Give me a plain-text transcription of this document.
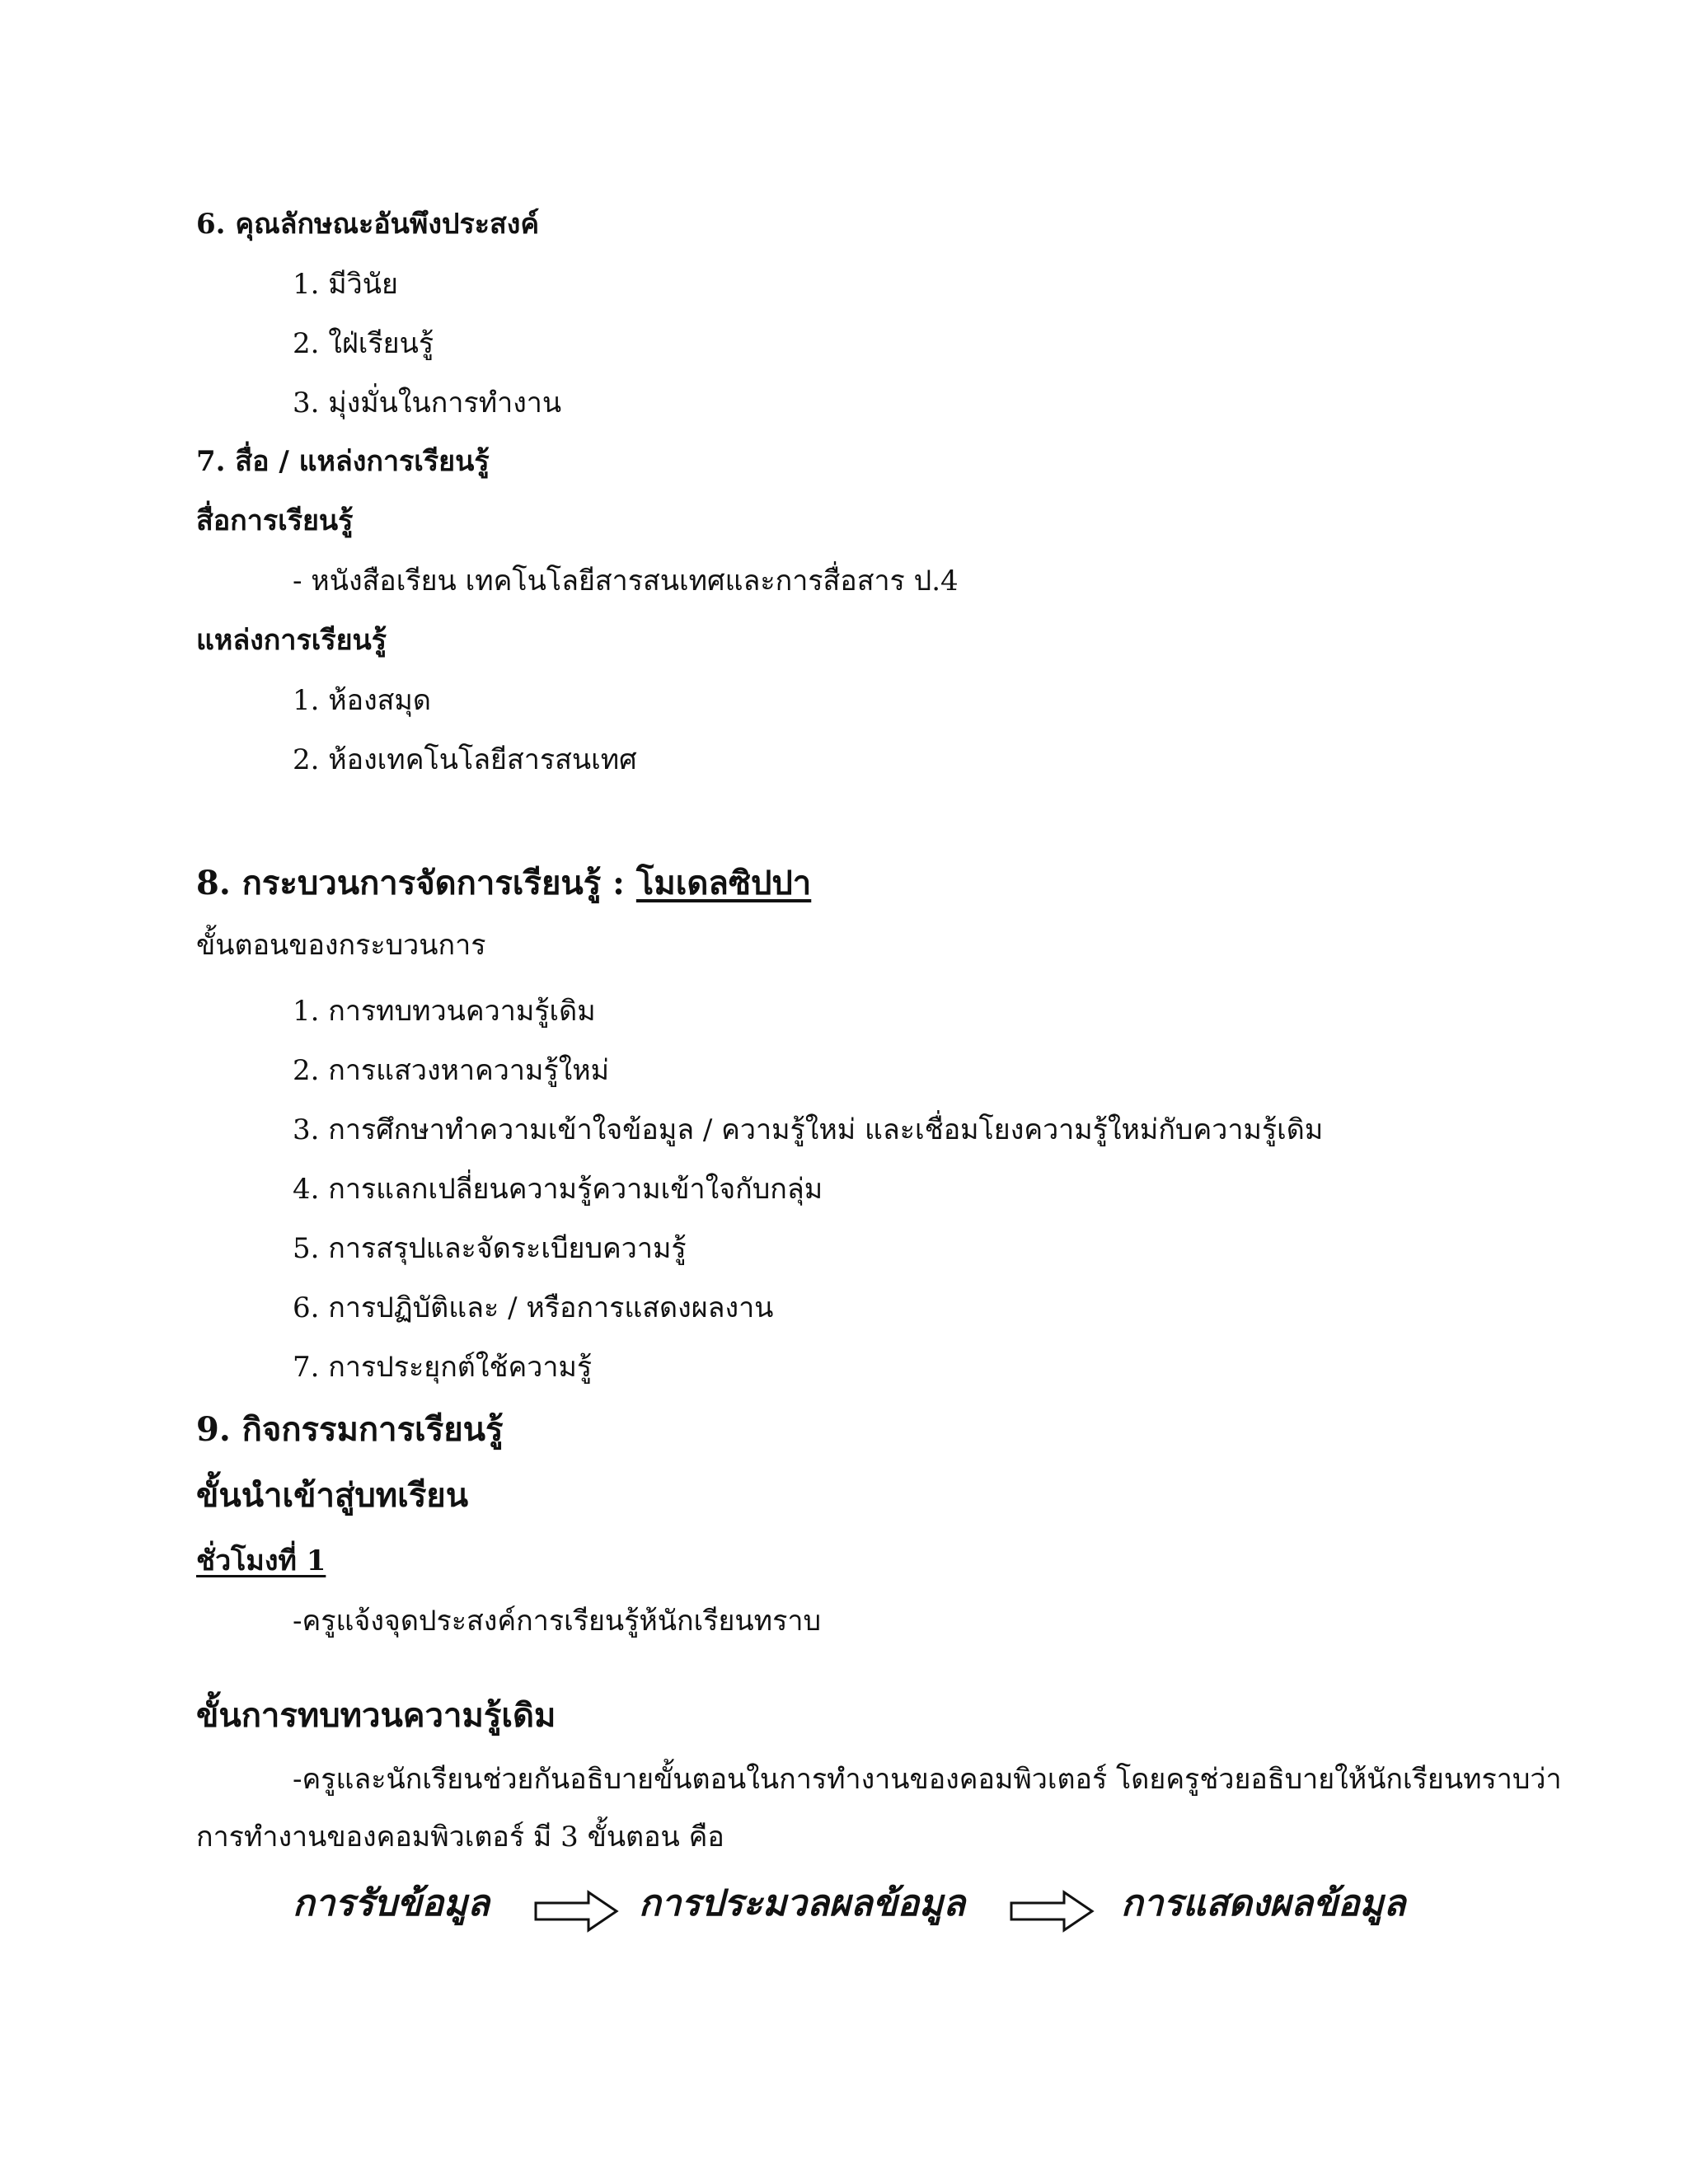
6. คุณลักษณะอันพึงประสงค์
1. มีวินัย
2. ใฝ่เรียนรู้
3. มุ่งมั่นในการทำงาน
7. สื่อ / แหล่งการเรียนรู้
สื่อการเรียนรู้
- หนังสือเรียน เทคโนโลยีสารสนเทศและการสื่อสาร ป.4
แหล่งการเรียนรู้
1. ห้องสมุด
2. ห้องเทคโนโลยีสารสนเทศ
8. กระบวนการจัดการเรียนรู้ : โมเดลซิปปา
ขั้นตอนของกระบวนการ
1. การทบทวนความรู้เดิม
2. การแสวงหาความรู้ใหม่
3. การศึกษาทำความเข้าใจข้อมูล / ความรู้ใหม่ และเชื่อมโยงความรู้ใหม่กับความรู้เดิม
4. การแลกเปลี่ยนความรู้ความเข้าใจกับกลุ่ม
5. การสรุปและจัดระเบียบความรู้
6. การปฏิบัติและ / หรือการแสดงผลงาน
7. การประยุกต์ใช้ความรู้
9. กิจกรรมการเรียนรู้
ขั้นนำเข้าสู่บทเรียน
ชั่วโมงที่ 1
-ครูแจ้งจุดประสงค์การเรียนรู้ห้นักเรียนทราบ
ขั้นการทบทวนความรู้เดิม
-ครูและนักเรียนช่วยกันอธิบายขั้นตอนในการทำงานของคอมพิวเตอร์ โดยครูช่วยอธิบายให้นักเรียนทราบว่า
การทำงานของคอมพิวเตอร์ มี 3 ขั้นตอน คือ
การรับข้อมูล	การประมวลผลข้อมูล	การแสดงผลข้อมูล
